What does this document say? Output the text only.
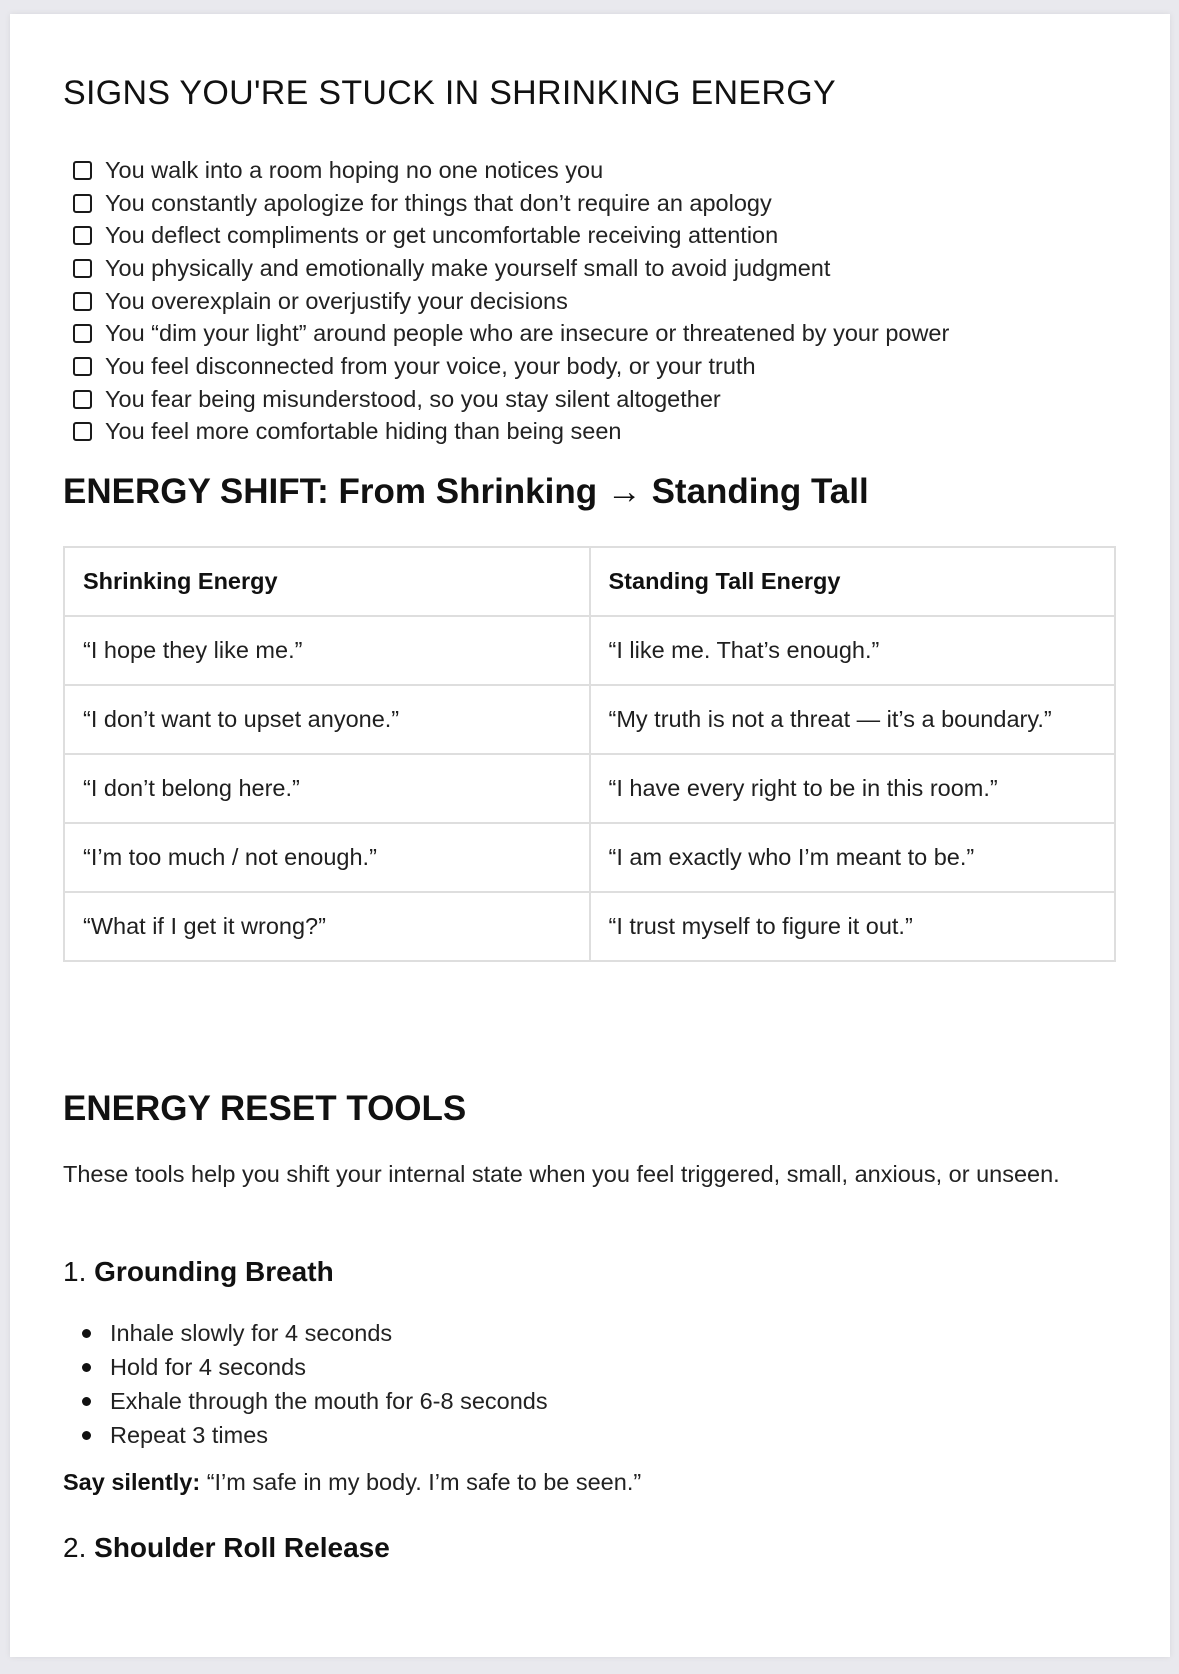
SIGNS YOU'RE STUCK IN SHRINKING ENERGY
You walk into a room hoping no one notices you
You constantly apologize for things that don’t require an apology
You deflect compliments or get uncomfortable receiving attention
You physically and emotionally make yourself small to avoid judgment
You overexplain or overjustify your decisions
You “dim your light” around people who are insecure or threatened by your power
You feel disconnected from your voice, your body, or your truth
You fear being misunderstood, so you stay silent altogether
You feel more comfortable hiding than being seen
ENERGY SHIFT: From Shrinking → Standing Tall
Shrinking Energy	Standing Tall Energy
“I hope they like me.”	“I like me. That’s enough.”
“I don’t want to upset anyone.”	“My truth is not a threat — it’s a boundary.”
“I don’t belong here.”	“I have every right to be in this room.”
“I’m too much / not enough.”	“I am exactly who I’m meant to be.”
“What if I get it wrong?”	“I trust myself to figure it out.”
ENERGY RESET TOOLS

These tools help you shift your internal state when you feel triggered, small, anxious, or unseen.

1. Grounding Breath
Inhale slowly for 4 seconds
Hold for 4 seconds
Exhale through the mouth for 6-8 seconds
Repeat 3 times

Say silently: “I’m safe in my body. I’m safe to be seen.”

2. Shoulder Roll Release
